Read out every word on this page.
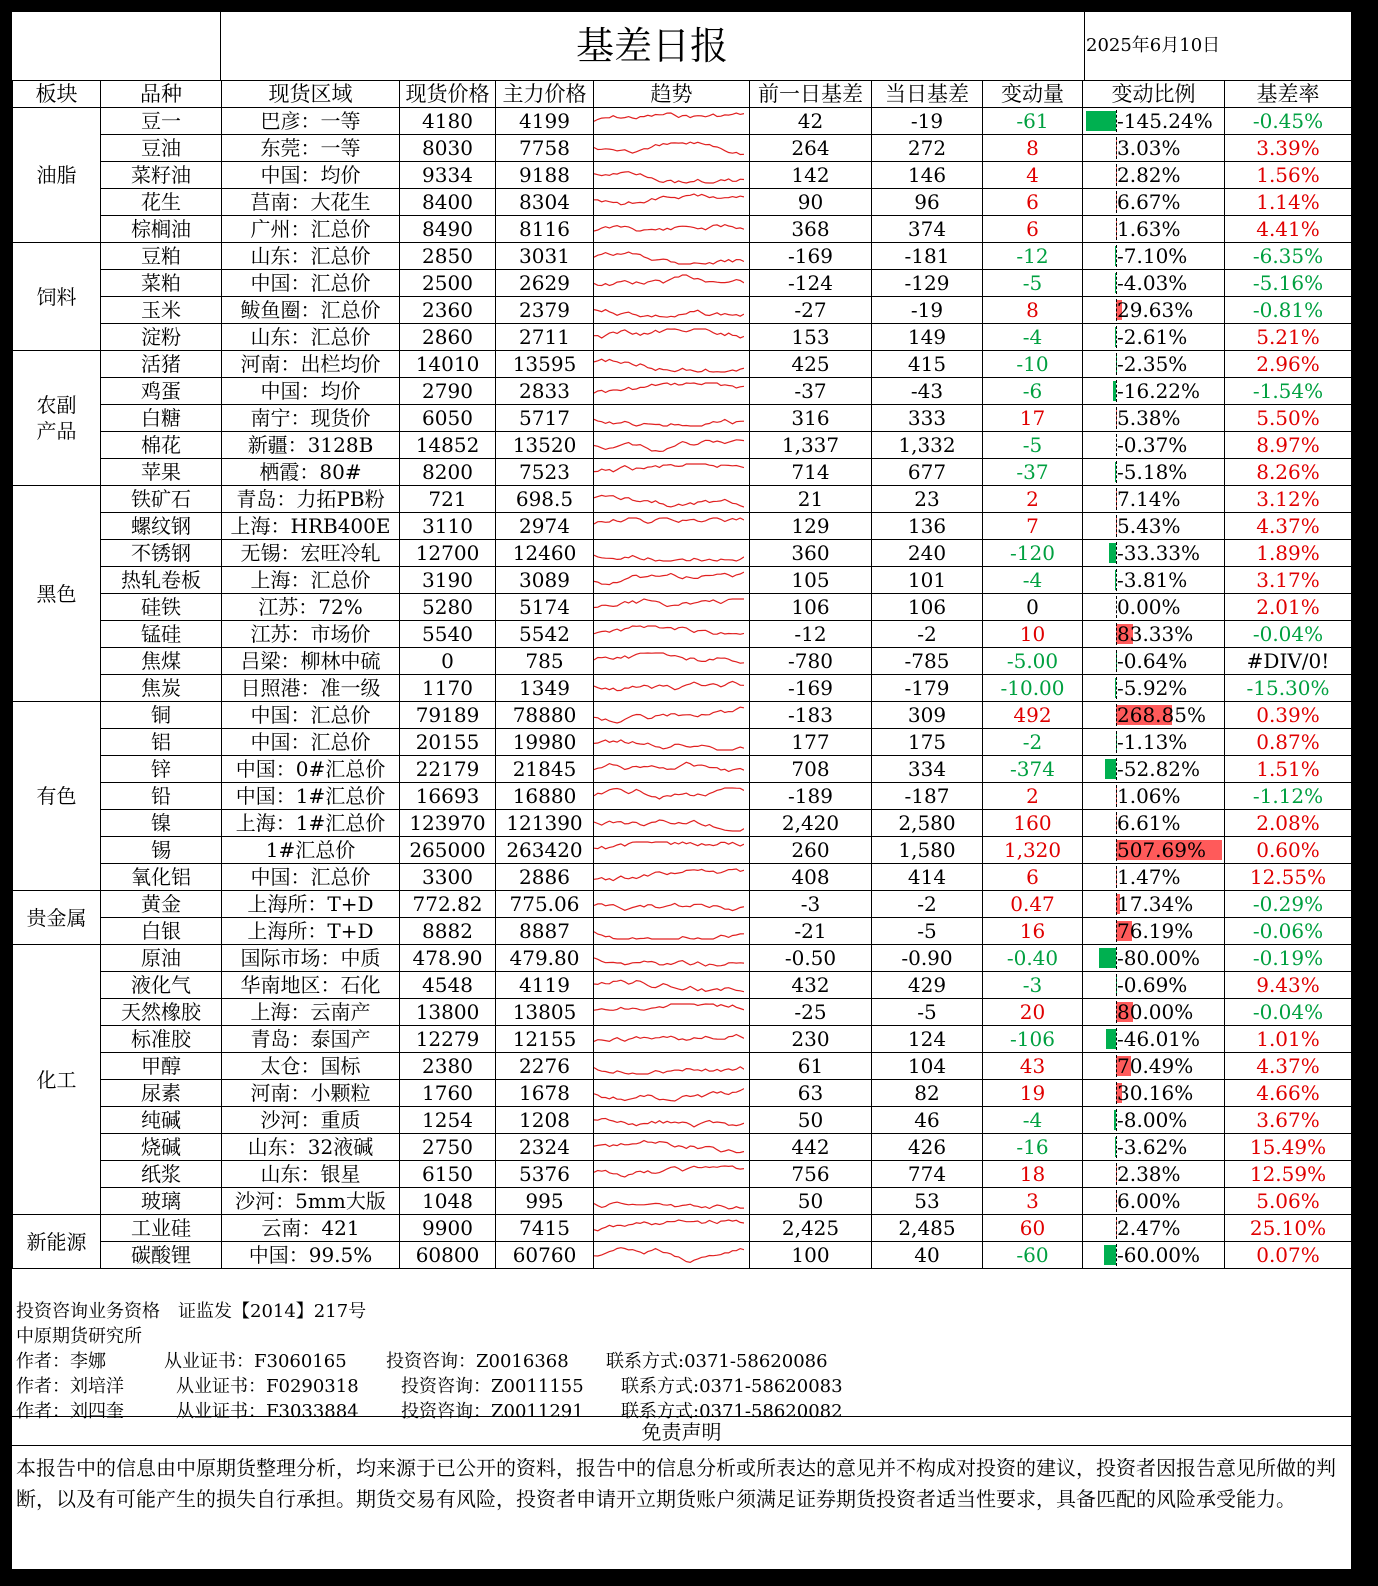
基差日报	2025年6月10日
板块	品种	现货区域	现货价格	主力价格	趋势	前一日基差	当日基差	变动量	变动比例	基差率
油脂	豆一	巴彦：一等	4180	4199		42	-19	-61	-145.24%	-0.45%
	豆油	东莞：一等	8030	7758		264	272	8	3.03%	3.39%
	菜籽油	中国：均价	9334	9188		142	146	4	2.82%	1.56%
	花生	莒南：大花生	8400	8304		90	96	6	6.67%	1.14%
	棕榈油	广州：汇总价	8490	8116		368	374	6	1.63%	4.41%
饲料	豆粕	山东：汇总价	2850	3031		-169	-181	-12	-7.10%	-6.35%
	菜粕	中国：汇总价	2500	2629		-124	-129	-5	-4.03%	-5.16%
	玉米	鲅鱼圈：汇总价	2360	2379		-27	-19	8	29.63%	-0.81%
	淀粉	山东：汇总价	2860	2711		153	149	-4	-2.61%	5.21%
农副产品	活猪	河南：出栏均价	14010	13595		425	415	-10	-2.35%	2.96%
	鸡蛋	中国：均价	2790	2833		-37	-43	-6	-16.22%	-1.54%
	白糖	南宁：现货价	6050	5717		316	333	17	5.38%	5.50%
	棉花	新疆：3128B	14852	13520		1,337	1,332	-5	-0.37%	8.97%
	苹果	栖霞：80#	8200	7523		714	677	-37	-5.18%	8.26%
黑色	铁矿石	青岛：力拓PB粉	721	698.5		21	23	2	7.14%	3.12%
	螺纹钢	上海：HRB400E	3110	2974		129	136	7	5.43%	4.37%
	不锈钢	无锡：宏旺冷轧	12700	12460		360	240	-120	-33.33%	1.89%
	热轧卷板	上海：汇总价	3190	3089		105	101	-4	-3.81%	3.17%
	硅铁	江苏：72%	5280	5174		106	106	0	0.00%	2.01%
	锰硅	江苏：市场价	5540	5542		-12	-2	10	83.33%	-0.04%
	焦煤	吕梁：柳林中硫	0	785		-780	-785	-5.00	-0.64%	#DIV/0!
	焦炭	日照港：准一级	1170	1349		-169	-179	-10.00	-5.92%	-15.30%
有色	铜	中国：汇总价	79189	78880		-183	309	492	268.85%	0.39%
	铝	中国：汇总价	20155	19980		177	175	-2	-1.13%	0.87%
	锌	中国：0#汇总价	22179	21845		708	334	-374	-52.82%	1.51%
	铅	中国：1#汇总价	16693	16880		-189	-187	2	1.06%	-1.12%
	镍	上海：1#汇总价	123970	121390		2,420	2,580	160	6.61%	2.08%
	锡	1#汇总价	265000	263420		260	1,580	1,320	507.69%	0.60%
	氧化铝	中国：汇总价	3300	2886		408	414	6	1.47%	12.55%
贵金属	黄金	上海所：T+D	772.82	775.06		-3	-2	0.47	17.34%	-0.29%
	白银	上海所：T+D	8882	8887		-21	-5	16	76.19%	-0.06%
化工	原油	国际市场：中质	478.90	479.80		-0.50	-0.90	-0.40	-80.00%	-0.19%
	液化气	华南地区：石化	4548	4119		432	429	-3	-0.69%	9.43%
	天然橡胶	上海：云南产	13800	13805		-25	-5	20	80.00%	-0.04%
	标准胶	青岛：泰国产	12279	12155		230	124	-106	-46.01%	1.01%
	甲醇	太仓：国标	2380	2276		61	104	43	70.49%	4.37%
	尿素	河南：小颗粒	1760	1678		63	82	19	30.16%	4.66%
	纯碱	沙河：重质	1254	1208		50	46	-4	-8.00%	3.67%
	烧碱	山东：32液碱	2750	2324		442	426	-16	-3.62%	15.49%
	纸浆	山东：银星	6150	5376		756	774	18	2.38%	12.59%
	玻璃	沙河：5mm大版	1048	995		50	53	3	6.00%	5.06%
新能源	工业硅	云南：421	9900	7415		2,425	2,485	60	2.47%	25.10%
	碳酸锂	中国：99.5%	60800	60760		100	40	-60	-60.00%	0.07%
投资咨询业务资格　证监发【2014】217号
中原期货研究所
作者：李娜	从业证书：F3060165 投资咨询：Z0016368 联系方式:0371-58620086
作者：刘培洋	从业证书：F0290318 投资咨询：Z0011155 联系方式:0371-58620083
作者：刘四奎	从业证书：F3033884 投资咨询：Z0011291 联系方式:0371-58620082
免责声明
本报告中的信息由中原期货整理分析，均来源于已公开的资料，报告中的信息分析或所表达的意见并不构成对投资的建议，投资者因报告意见所做的判断，以及有可能产生的损失自行承担。期货交易有风险，投资者申请开立期货账户须满足证券期货投资者适当性要求，具备匹配的风险承受能力。
